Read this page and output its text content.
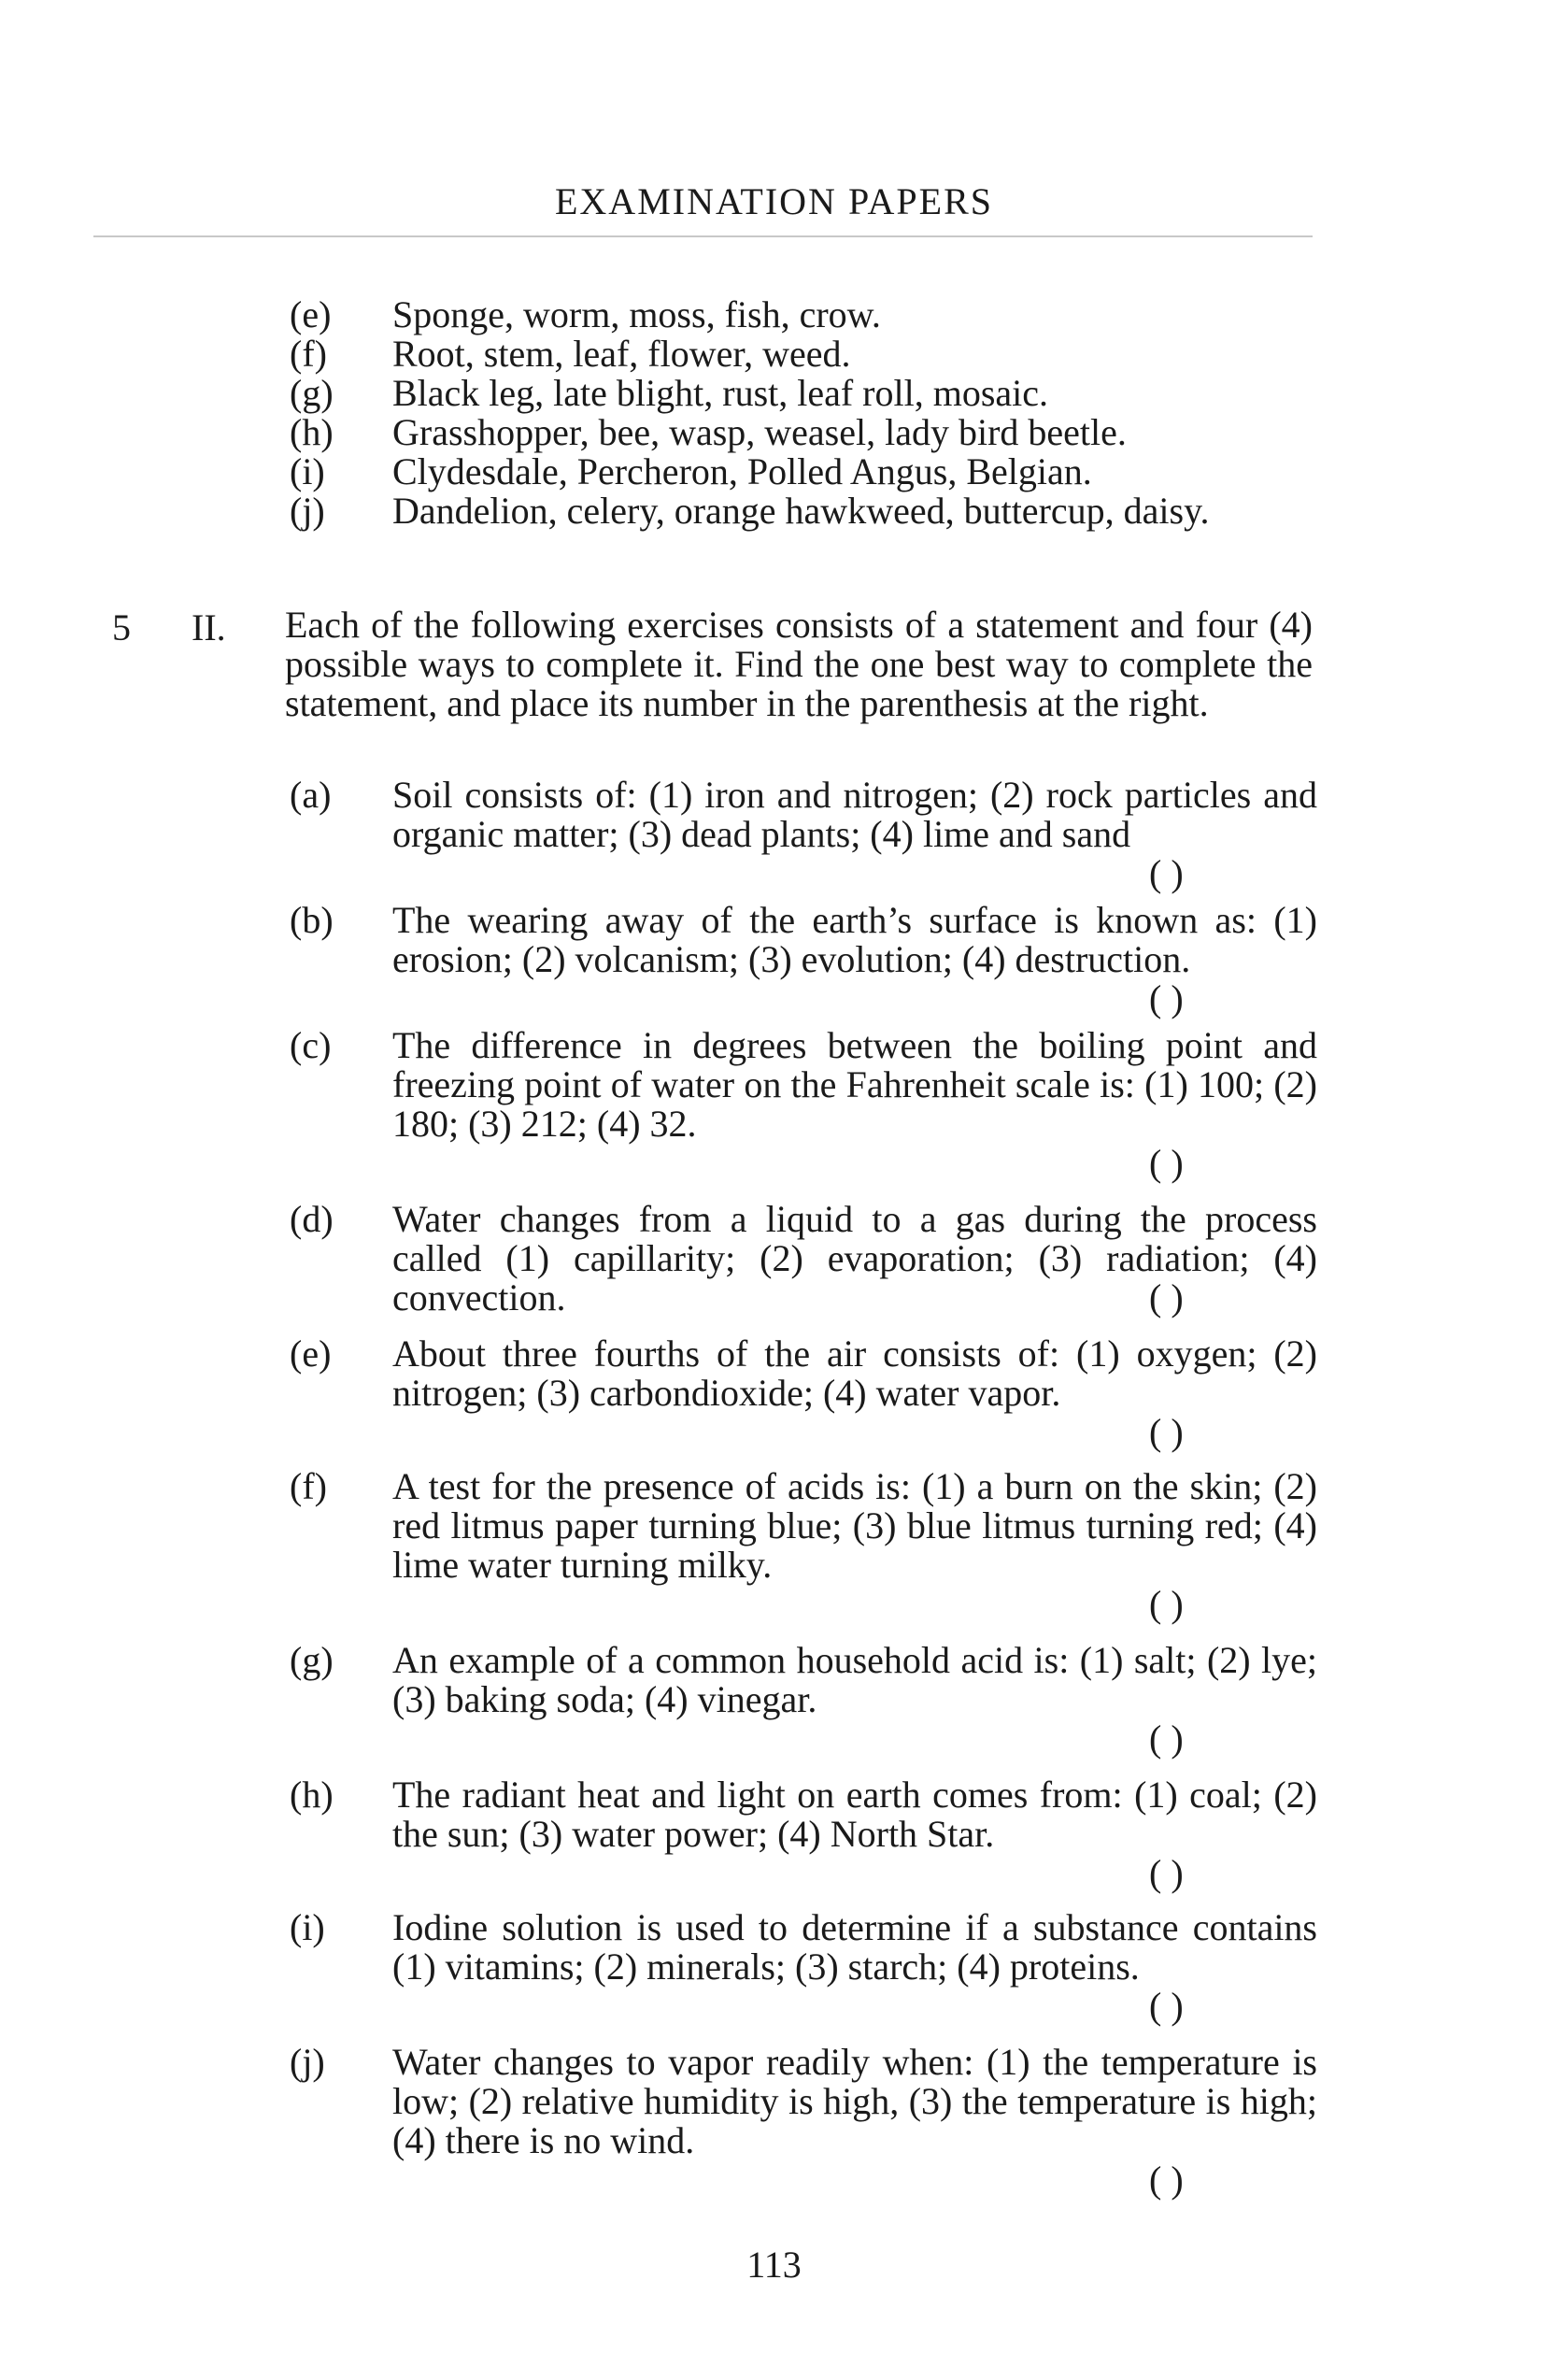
EXAMINATION PAPERS
(e)	Sponge, worm, moss, fish, crow.
(f)	Root, stem, leaf, flower, weed.
(g)	Black leg, late blight, rust, leaf roll, mosaic.
(h)	Grasshopper, bee, wasp, weasel, lady bird beetle.
(i)	Clydesdale, Percheron, Polled Angus, Belgian.
(j)	Dandelion, celery, orange hawkweed, buttercup, daisy.
5 II. Each of the following exercises consists of a statement and four (4) possible ways to complete it. Find the one best way to complete the statement, and place its number in the parenthesis at the right.
(a)	Soil consists of: (1) iron and nitrogen; (2) rock particles and organic matter; (3) dead plants; (4) lime and sand
( )
(b)	The wearing away of the earth’s surface is known as: (1) erosion; (2) volcanism; (3) evolution; (4) destruction.
( )
(c)	The difference in degrees between the boiling point and freezing point of water on the Fahrenheit scale is: (1) 100; (2) 180; (3) 212; (4) 32.
( )
(d)	Water changes from a liquid to a gas during the process called (1) capillarity; (2) evaporation; (3) radiation; (4) convection.	( )
(e)	About three fourths of the air consists of: (1) oxygen; (2) nitrogen; (3) carbondioxide; (4) water vapor.
( )
(f)	A test for the presence of acids is: (1) a burn on the skin; (2) red litmus paper turning blue; (3) blue litmus turning red; (4) lime water turning milky.
( )
(g)	An example of a common household acid is: (1) salt; (2) lye; (3) baking soda; (4) vinegar.
( )
(h)	The radiant heat and light on earth comes from: (1) coal; (2) the sun; (3) water power; (4) North Star.
( )
(i)	Iodine solution is used to determine if a substance contains (1) vitamins; (2) minerals; (3) starch; (4) proteins.
( )
(j)	Water changes to vapor readily when: (1) the temperature is low; (2) relative humidity is high, (3) the temperature is high; (4) there is no wind.
( )
113
